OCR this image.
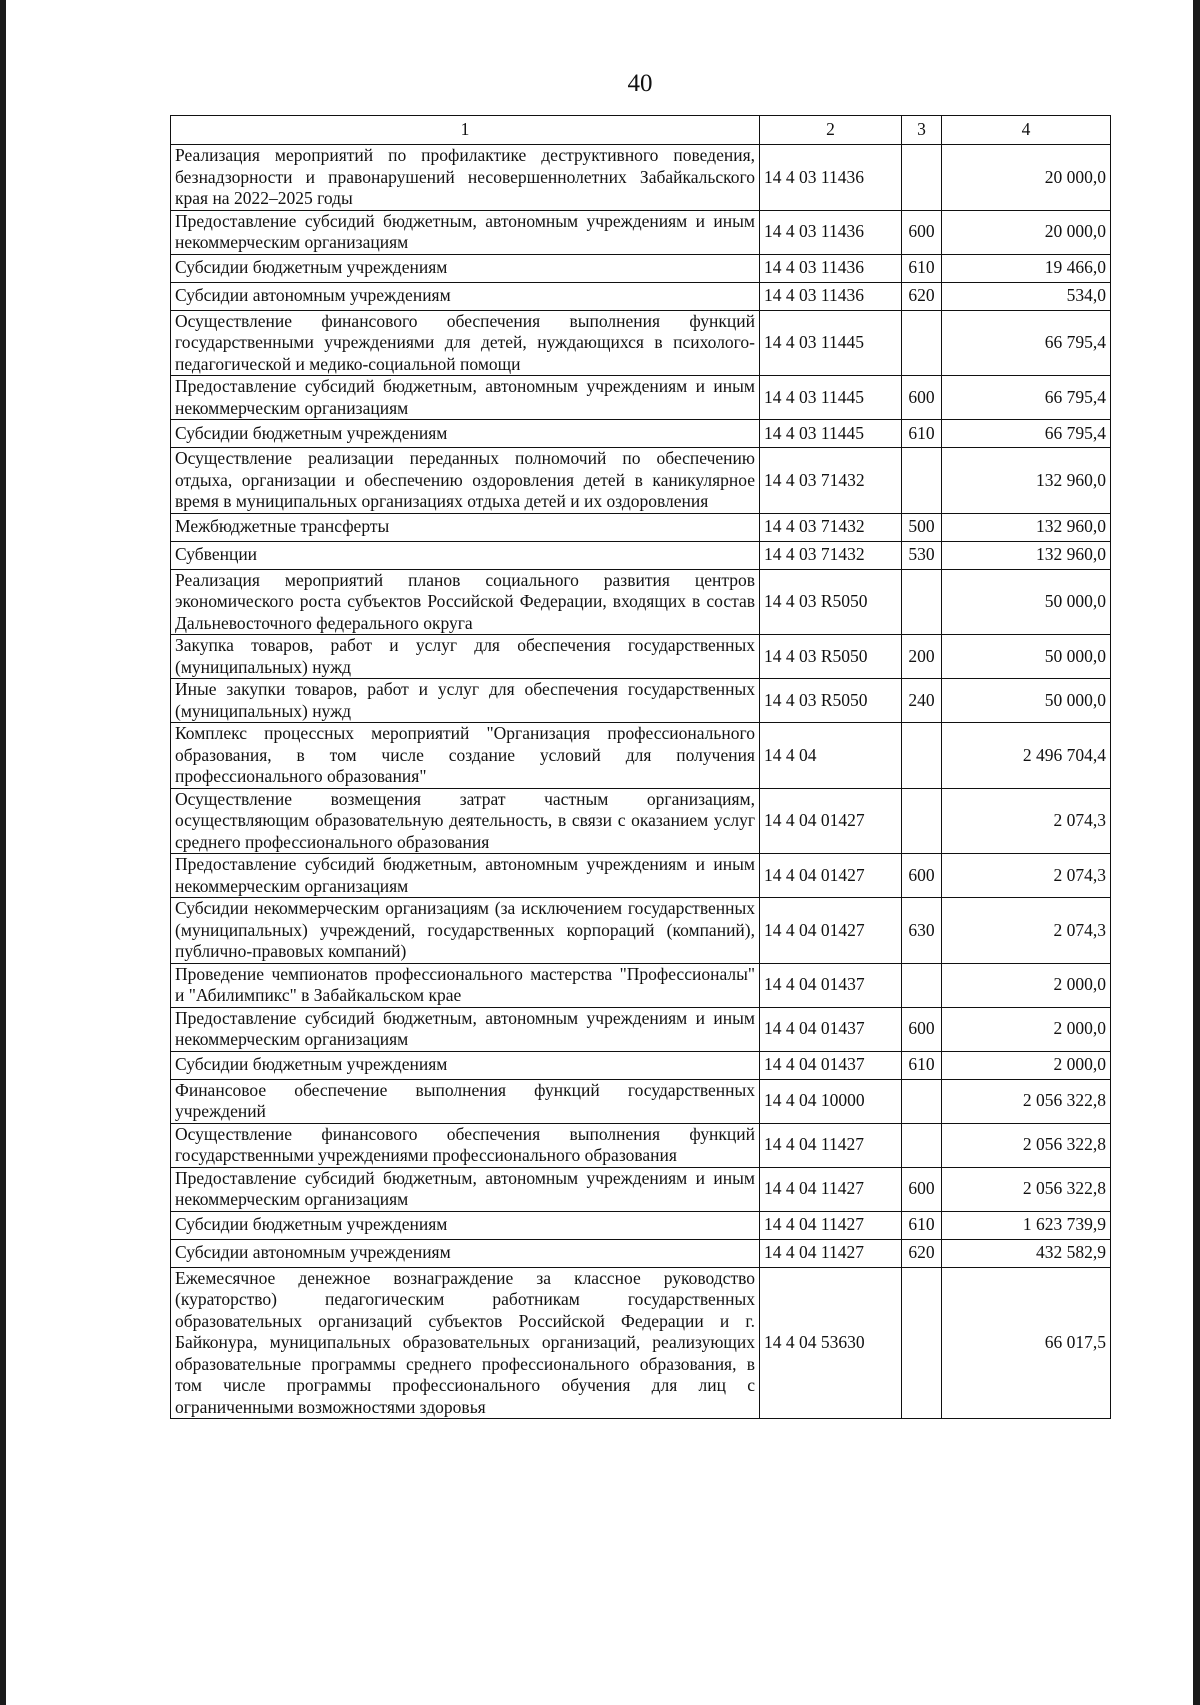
40
1	2	3	4
Реализация мероприятий по профилактике деструктивного поведения, безнадзорности и правонарушений несовершеннолетних Забайкальского края на 2022–2025 годы	14 4 03 11436		20 000,0
Предоставление субсидий бюджетным, автономным учреждениям и иным некоммерческим организациям	14 4 03 11436	600	20 000,0
Субсидии бюджетным учреждениям	14 4 03 11436	610	19 466,0
Субсидии автономным учреждениям	14 4 03 11436	620	534,0
Осуществление финансового обеспечения выполнения функций государственными учреждениями для детей, нуждающихся в психолого-педагогической и медико-социальной помощи	14 4 03 11445		66 795,4
Предоставление субсидий бюджетным, автономным учреждениям и иным некоммерческим организациям	14 4 03 11445	600	66 795,4
Субсидии бюджетным учреждениям	14 4 03 11445	610	66 795,4
Осуществление реализации переданных полномочий по обеспечению отдыха, организации и обеспечению оздоровления детей в каникулярное время в муниципальных организациях отдыха детей и их оздоровления	14 4 03 71432		132 960,0
Межбюджетные трансферты	14 4 03 71432	500	132 960,0
Субвенции	14 4 03 71432	530	132 960,0
Реализация мероприятий планов социального развития центров экономического роста субъектов Российской Федерации, входящих в состав Дальневосточного федерального округа	14 4 03 R5050		50 000,0
Закупка товаров, работ и услуг для обеспечения государственных (муниципальных) нужд	14 4 03 R5050	200	50 000,0
Иные закупки товаров, работ и услуг для обеспечения государственных (муниципальных) нужд	14 4 03 R5050	240	50 000,0
Комплекс процессных мероприятий "Организация профессионального образования, в том числе создание условий для получения профессионального образования"	14 4 04		2 496 704,4
Осуществление возмещения затрат частным организациям, осуществляющим образовательную деятельность, в связи с оказанием услуг среднего профессионального образования	14 4 04 01427		2 074,3
Предоставление субсидий бюджетным, автономным учреждениям и иным некоммерческим организациям	14 4 04 01427	600	2 074,3
Субсидии некоммерческим организациям (за исключением государственных (муниципальных) учреждений, государственных корпораций (компаний), публично-правовых компаний)	14 4 04 01427	630	2 074,3
Проведение чемпионатов профессионального мастерства "Профессионалы" и "Абилимпикс" в Забайкальском крае	14 4 04 01437		2 000,0
Предоставление субсидий бюджетным, автономным учреждениям и иным некоммерческим организациям	14 4 04 01437	600	2 000,0
Субсидии бюджетным учреждениям	14 4 04 01437	610	2 000,0
Финансовое обеспечение выполнения функций государственных учреждений	14 4 04 10000		2 056 322,8
Осуществление финансового обеспечения выполнения функций государственными учреждениями профессионального образования	14 4 04 11427		2 056 322,8
Предоставление субсидий бюджетным, автономным учреждениям и иным некоммерческим организациям	14 4 04 11427	600	2 056 322,8
Субсидии бюджетным учреждениям	14 4 04 11427	610	1 623 739,9
Субсидии автономным учреждениям	14 4 04 11427	620	432 582,9
Ежемесячное денежное вознаграждение за классное руководство (кураторство) педагогическим работникам государственных образовательных организаций субъектов Российской Федерации и г. Байконура, муниципальных образовательных организаций, реализующих образовательные программы среднего профессионального образования, в том числе программы профессионального обучения для лиц с ограниченными возможностями здоровья	14 4 04 53630		66 017,5
